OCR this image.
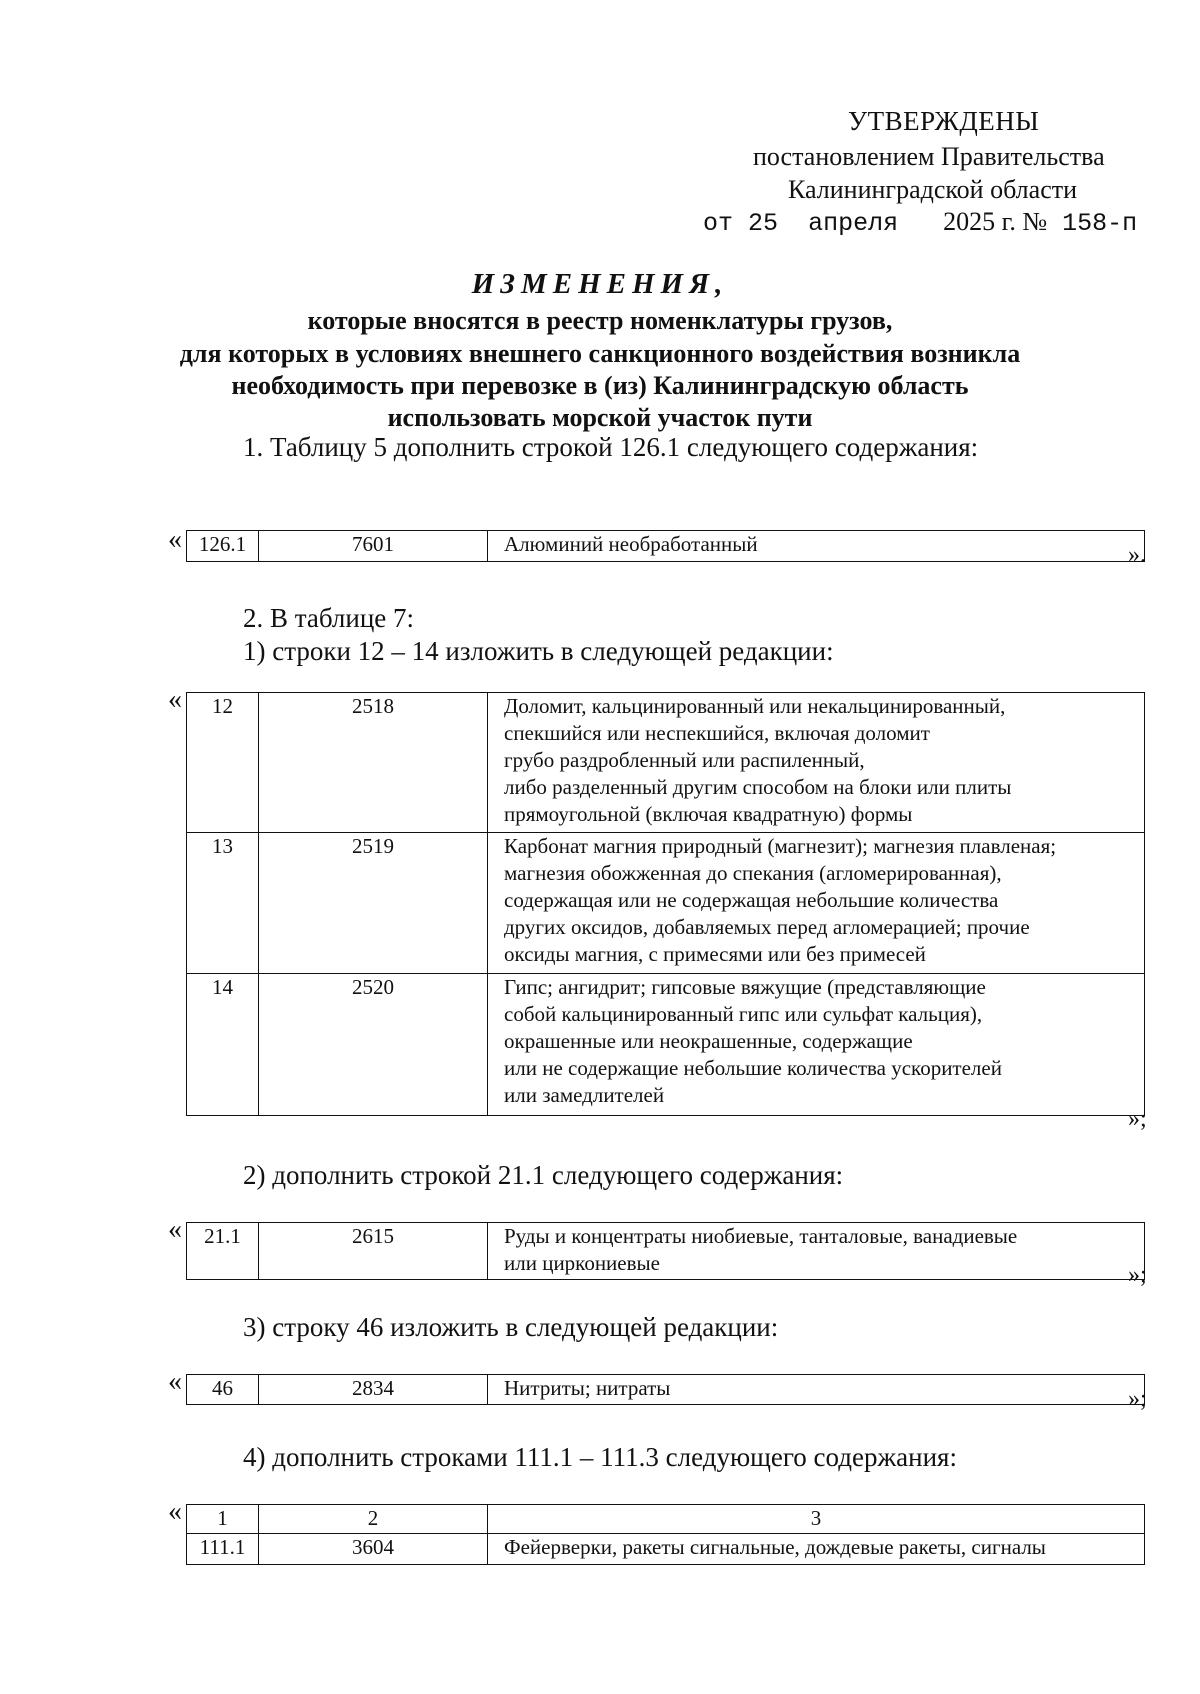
УТВЕРЖДЕНЫ
постановлением Правительства
Калининградской области
от 25 апреля 2025 г. № 158-п
ИЗМЕНЕНИЯ,
которые вносятся в реестр номенклатуры грузов,
для которых в условиях внешнего санкционного воздействия возникла
необходимость при перевозке в (из) Калининградскую область
использовать морской участок пути
1. Таблицу 5 дополнить строкой 126.1 следующего содержания:
« 126.1	7601	Алюминий необработанный	».
2. В таблице 7:
1) строки 12 – 14 изложить в следующей редакции:
« 12	2518	Доломит, кальцинированный или некальцинированный,
спекшийся или неспекшийся, включая доломит
грубо раздробленный или распиленный,
либо разделенный другим способом на блоки или плиты
прямоугольной (включая квадратную) формы

13	2519	Карбонат магния природный (магнезит); магнезия плавленая;
магнезия обожженная до спекания (агломерированная),
содержащая или не содержащая небольшие количества
других оксидов, добавляемых перед агломерацией; прочие
оксиды магния, с примесями или без примесей

14	2520	Гипс; ангидрит; гипсовые вяжущие (представляющие
собой кальцинированный гипс или сульфат кальция),
окрашенные или неокрашенные, содержащие
или не содержащие небольшие количества ускорителей
или замедлителей
»;
2) дополнить строкой 21.1 следующего содержания:
« 21.1	2615	Руды и концентраты ниобиевые, танталовые, ванадиевые
или циркониевые	»;
3) строку 46 изложить в следующей редакции:
« 46	2834	Нитриты; нитраты	»;
4) дополнить строками 111.1 – 111.3 следующего содержания:
« 1	2	3
111.1	3604	Фейерверки, ракеты сигнальные, дождевые ракеты, сигналы
